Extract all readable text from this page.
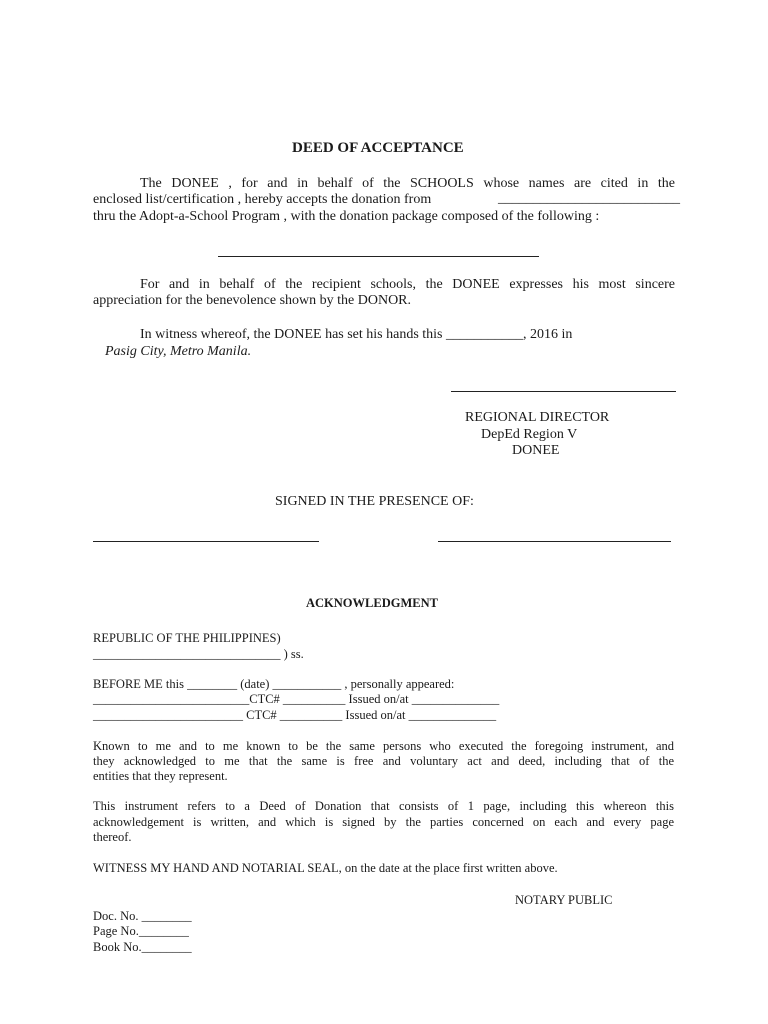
DEED OF ACCEPTANCE
The DONEE , for and in behalf of the SCHOOLS whose names are cited in the
enclosed list/certification , hereby accepts the donation from	__________________________
thru the Adopt-a-School Program , with the donation package composed of the following :
For and in behalf of the recipient schools, the DONEE expresses his most sincere
appreciation for the benevolence shown by the DONOR.
In witness whereof, the DONEE has set his hands this ___________, 2016 in
Pasig City, Metro Manila.
REGIONAL DIRECTOR
DepEd Region V
DONEE
SIGNED IN THE PRESENCE OF:
ACKNOWLEDGMENT
REPUBLIC OF THE PHILIPPINES)
______________________________ ) ss.
BEFORE ME this ________ (date) ___________ , personally appeared:
_________________________CTC# __________ Issued on/at ______________
________________________ CTC# __________ Issued on/at ______________
Known to me and to me known to be the same persons who executed the foregoing instrument, and
they acknowledged to me that the same is free and voluntary act and deed, including that of the
entities that they represent.
This instrument refers to a Deed of Donation that consists of 1 page, including this whereon this
acknowledgement is written, and which is signed by the parties concerned on each and every page
thereof.
WITNESS MY HAND AND NOTARIAL SEAL, on the date at the place first written above.
NOTARY PUBLIC
Doc. No. ________
Page No.________
Book No.________
